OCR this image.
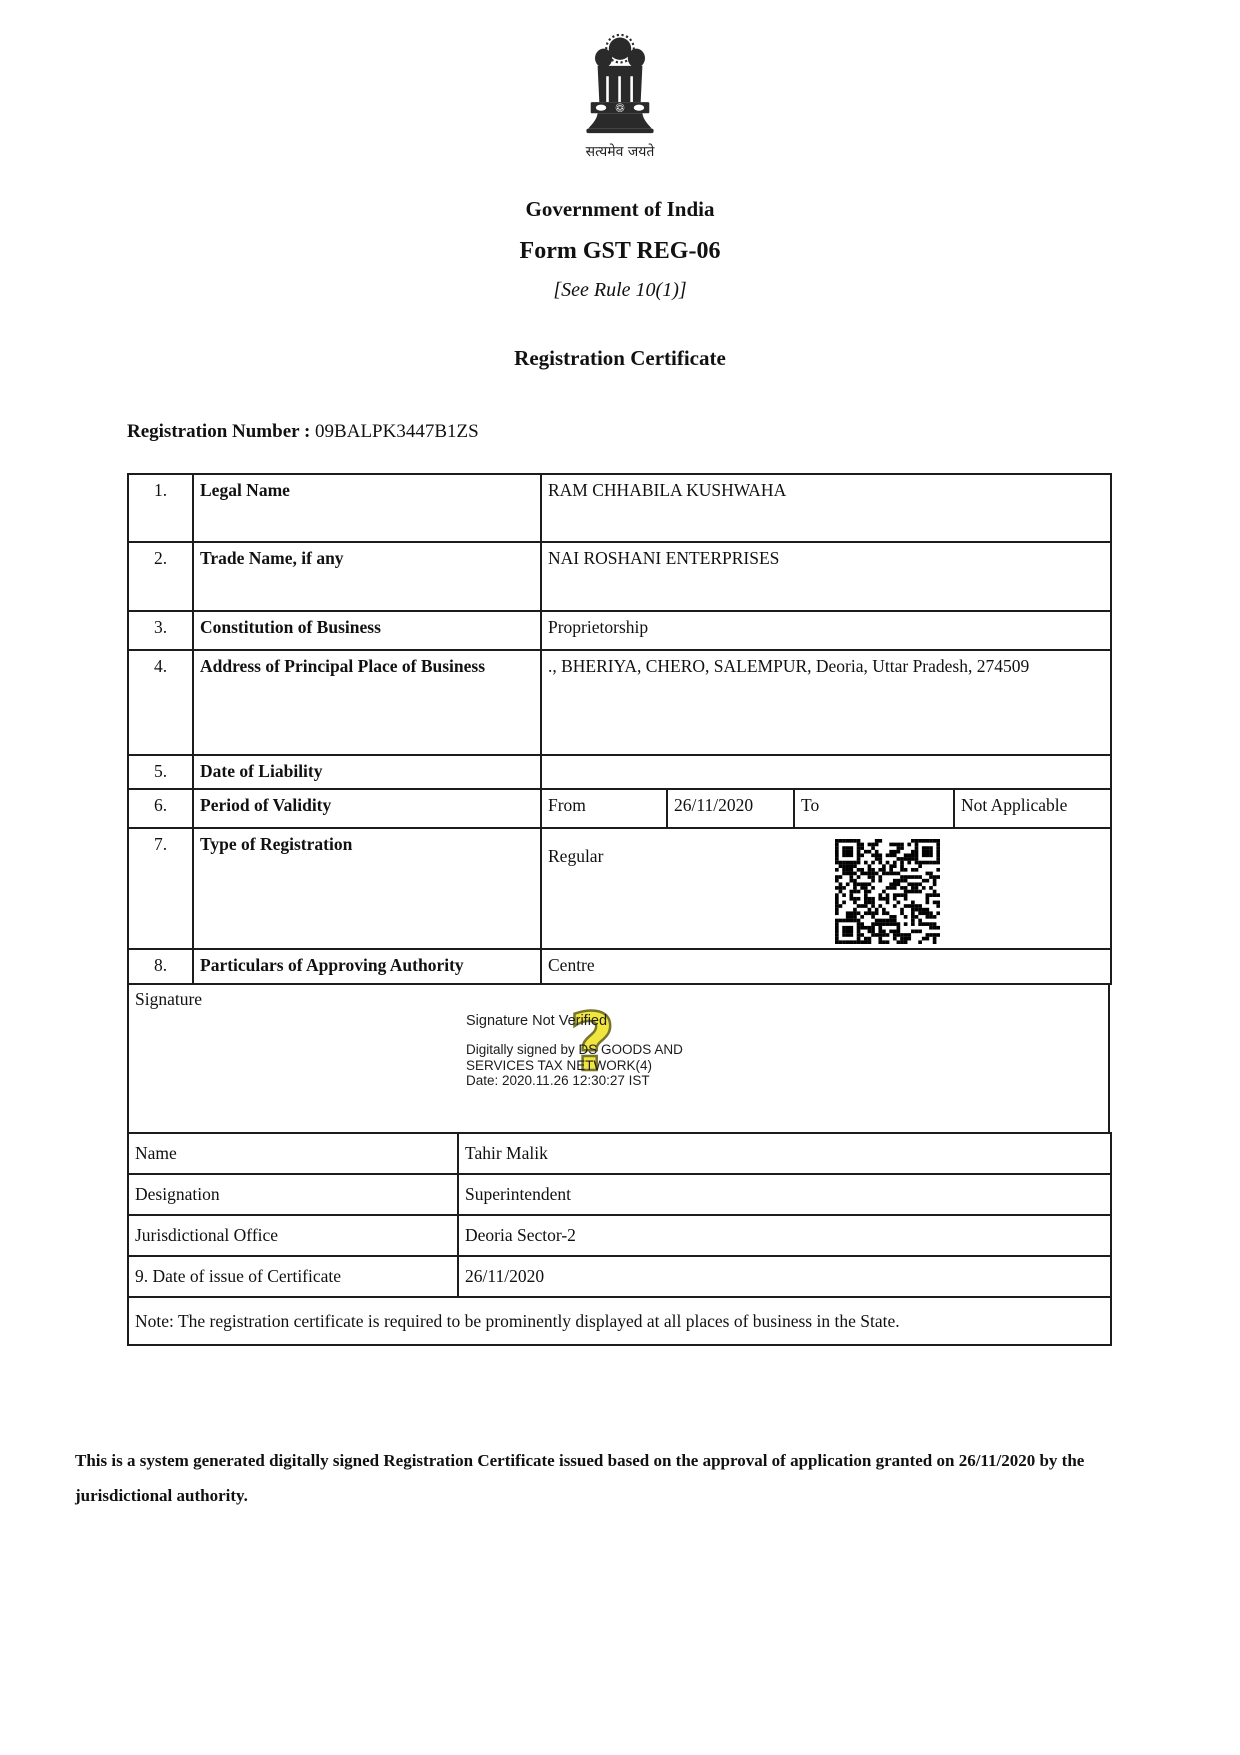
सत्यमेव जयते
Government of India
Form GST REG-06
[See Rule 10(1)]
Registration Certificate
Registration Number : 09BALPK3447B1ZS
1.	Legal Name	RAM CHHABILA KUSHWAHA			
2.	Trade Name, if any	NAI ROSHANI ENTERPRISES			
3.	Constitution of Business	Proprietorship			
4.	Address of Principal Place of Business	., BHERIYA, CHERO, SALEMPUR, Deoria, Uttar Pradesh, 274509			
5.	Date of Liability				
6.	Period of Validity	From	26/11/2020	To	Not Applicable
7.	Type of Registration	Regular			

8.	Particulars of Approving Authority	Centre			
Signature	?
Signature Not Verified
Digitally signed by DS GOODS AND
SERVICES TAX NETWORK(4)
Date: 2020.11.26 12:30:27 IST
Name	Tahir Malik
Designation	Superintendent
Jurisdictional Office	Deoria Sector-2
9. Date of issue of Certificate	26/11/2020
Note: The registration certificate is required to be prominently displayed at all places of business in the State.	
This is a system generated digitally signed Registration Certificate issued based on the approval of application granted on 26/11/2020 by the jurisdictional authority.
